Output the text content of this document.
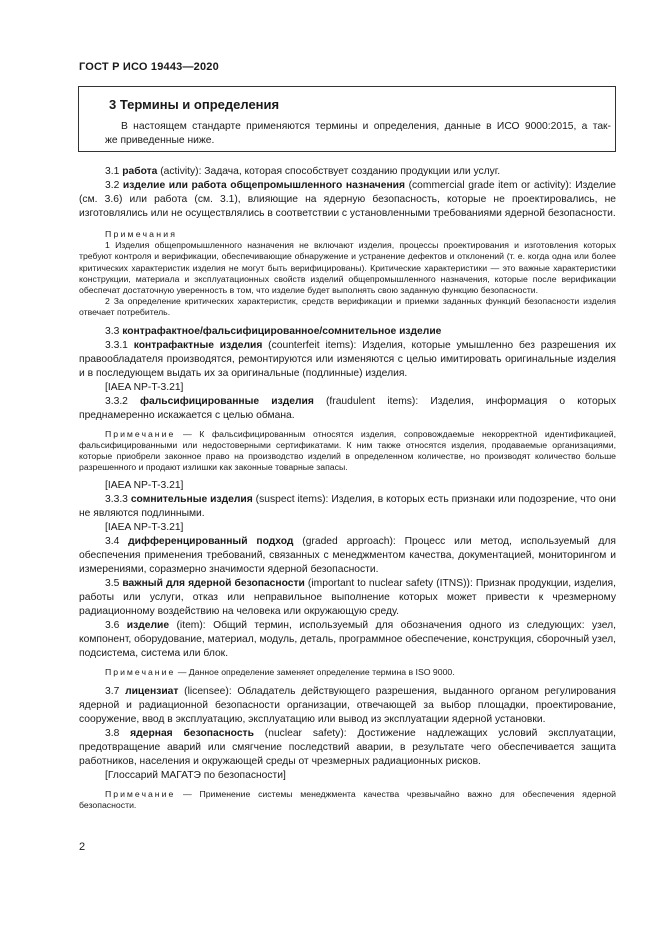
ГОСТ Р ИСО 19443—2020
3 Термины и определения
В настоящем стандарте применяются термины и определения, данные в ИСО 9000:2015, а так-
же приведенные ниже.

3.1 работа (activity): Задача, которая способствует созданию продукции или услуг.

3.2 изделие или работа общепромышленного назначения (commercial grade item or activity): Изделие (см. 3.6) или работа (см. 3.1), влияющие на ядерную безопасность, которые не проектировались, не изготовлялись или не осуществлялись в соответствии с установленными требованиями ядерной безопасности.

Примечания

1 Изделия общепромышленного назначения не включают изделия, процессы проектирования и изготовления которых требуют контроля и верификации, обеспечивающие обнаружение и устранение дефектов и отклонений (т. е. когда одна или более критических характеристик изделия не могут быть верифицированы). Критические характеристики — это важные характеристики конструкции, материала и эксплуатационных свойств изделий общепромышленного назначения, которые после верификации обеспечат достаточную уверенность в том, что изделие будет выполнять свою заданную функцию безопасности.

2 За определение критических характеристик, средств верификации и приемки заданных функций безопасности изделия отвечает потребитель.

3.3 контрафактное/фальсифицированное/сомнительное изделие

3.3.1 контрафактные изделия (counterfeit items): Изделия, которые умышленно без разрешения их правообладателя производятся, ремонтируются или изменяются с целью имитировать оригинальные изделия и в последующем выдать их за оригинальные (подлинные) изделия.

[IAEA NP-T-3.21]

3.3.2 фальсифицированные изделия (fraudulent items): Изделия, информация о которых преднамеренно искажается с целью обмана.

Примечание — К фальсифицированным относятся изделия, сопровождаемые некорректной идентификацией, фальсифицированными или недостоверными сертификатами. К ним также относятся изделия, продаваемые организациями, которые приобрели законное право на производство изделий в определенном количестве, но производят количество больше разрешенного и продают излишки как законные товарные запасы.

[IAEA NP-T-3.21]

3.3.3 сомнительные изделия (suspect items): Изделия, в которых есть признаки или подозрение, что они не являются подлинными.

[IAEA NP-T-3.21]

3.4 дифференцированный подход (graded approach): Процесс или метод, используемый для обеспечения применения требований, связанных с менеджментом качества, документацией, мониторингом и измерениями, соразмерно значимости ядерной безопасности.

3.5 важный для ядерной безопасности (important to nuclear safety (ITNS)): Признак продукции, изделия, работы или услуги, отказ или неправильное выполнение которых может привести к чрезмерному радиационному воздействию на человека или окружающую среду.

3.6 изделие (item): Общий термин, используемый для обозначения одного из следующих: узел, компонент, оборудование, материал, модуль, деталь, программное обеспечение, конструкция, сборочный узел, подсистема, система или блок.

Примечание — Данное определение заменяет определение термина в ISO 9000.

3.7 лицензиат (licensee): Обладатель действующего разрешения, выданного органом регулирования ядерной и радиационной безопасности организации, отвечающей за выбор площадки, проектирование, сооружение, ввод в эксплуатацию, эксплуатацию или вывод из эксплуатации ядерной установки.

3.8 ядерная безопасность (nuclear safety): Достижение надлежащих условий эксплуатации, предотвращение аварий или смягчение последствий аварии, в результате чего обеспечивается защита работников, населения и окружающей среды от чрезмерных радиационных рисков.

[Глоссарий МАГАТЭ по безопасности]

Примечание — Применение системы менеджмента качества чрезвычайно важно для обеспечения ядерной безопасности.

2
